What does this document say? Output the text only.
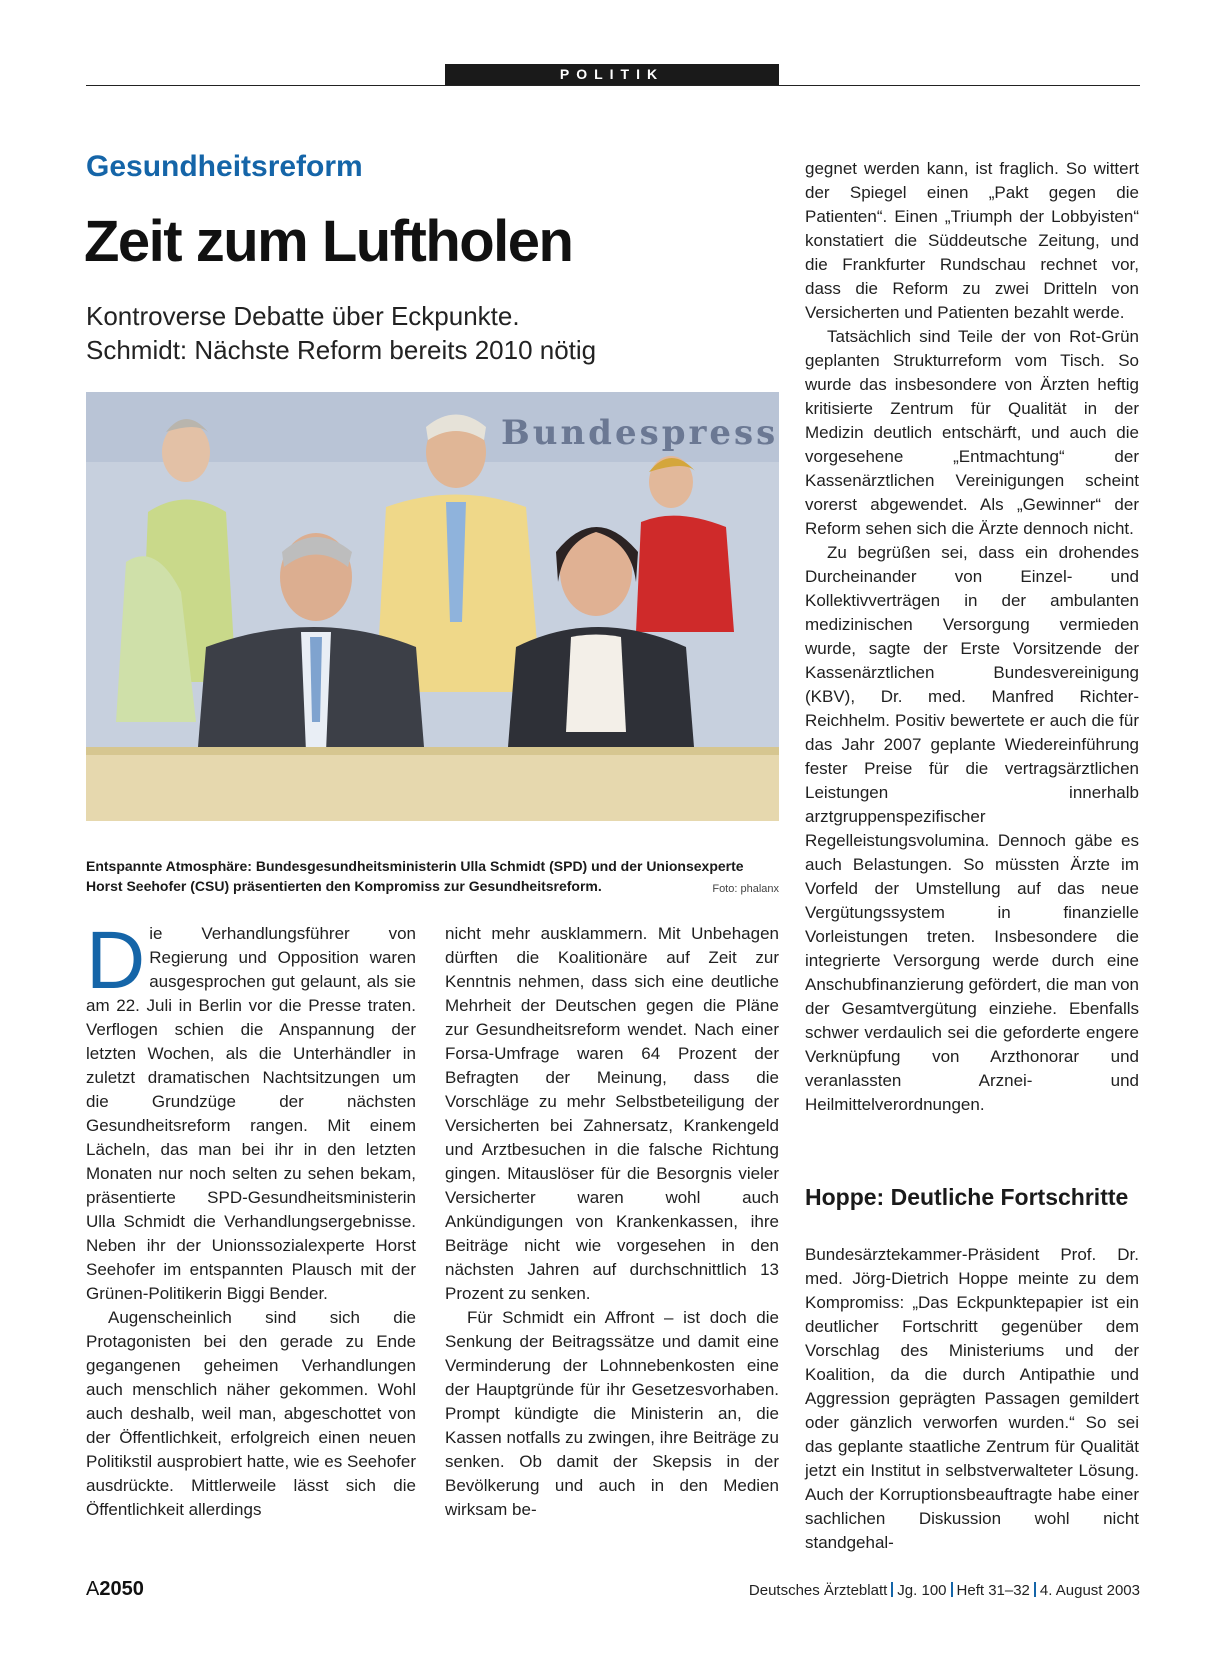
POLITIK
Gesundheitsreform
Zeit zum Luftholen
Kontroverse Debatte über Eckpunkte.
Schmidt: Nächste Reform bereits 2010 nötig
Bundespress
Entspannte Atmosphäre: Bundesgesundheitsministerin Ulla Schmidt (SPD) und der Unionsexperte Horst Seehofer (CSU) präsentierten den Kompromiss zur Gesundheitsreform.	Foto: phalanx

Die Verhandlungsführer von Regierung und Opposition waren ausgesprochen gut gelaunt, als sie am 22. Juli in Berlin vor die Presse traten. Verflogen schien die Anspannung der letzten Wochen, als die Unterhändler in zuletzt dramatischen Nachtsitzungen um die Grundzüge der nächsten Gesundheitsreform rangen. Mit einem Lächeln, das man bei ihr in den letzten Monaten nur noch selten zu sehen bekam, präsentierte SPD-Gesundheitsministerin Ulla Schmidt die Verhandlungsergebnisse. Neben ihr der Unionssozialexperte Horst Seehofer im entspannten Plausch mit der Grünen-Politikerin Biggi Bender.

Augenscheinlich sind sich die Protagonisten bei den gerade zu Ende gegangenen geheimen Verhandlungen auch menschlich näher gekommen. Wohl auch deshalb, weil man, abgeschottet von der Öffentlichkeit, erfolgreich einen neuen Politikstil ausprobiert hatte, wie es Seehofer ausdrückte. Mittlerweile lässt sich die Öffentlichkeit allerdings

nicht mehr ausklammern. Mit Unbehagen dürften die Koalitionäre auf Zeit zur Kenntnis nehmen, dass sich eine deutliche Mehrheit der Deutschen gegen die Pläne zur Gesundheitsreform wendet. Nach einer Forsa-Umfrage waren 64 Prozent der Befragten der Meinung, dass die Vorschläge zu mehr Selbstbeteiligung der Versicherten bei Zahnersatz, Krankengeld und Arztbesuchen in die falsche Richtung gingen. Mitauslöser für die Besorgnis vieler Versicherter waren wohl auch Ankündigungen von Krankenkassen, ihre Beiträge nicht wie vorgesehen in den nächsten Jahren auf durchschnittlich 13 Prozent zu senken.

Für Schmidt ein Affront – ist doch die Senkung der Beitragssätze und damit eine Verminderung der Lohnnebenkosten eine der Hauptgründe für ihr Gesetzesvorhaben. Prompt kündigte die Ministerin an, die Kassen notfalls zu zwingen, ihre Beiträge zu senken. Ob damit der Skepsis in der Bevölkerung und auch in den Medien wirksam be-

gegnet werden kann, ist fraglich. So wittert der Spiegel einen „Pakt gegen die Patienten“. Einen „Triumph der Lobbyisten“ konstatiert die Süddeutsche Zeitung, und die Frankfurter Rundschau rechnet vor, dass die Reform zu zwei Dritteln von Versicherten und Patienten bezahlt werde.

Tatsächlich sind Teile der von Rot-Grün geplanten Strukturreform vom Tisch. So wurde das insbesondere von Ärzten heftig kritisierte Zentrum für Qualität in der Medizin deutlich entschärft, und auch die vorgesehene „Entmachtung“ der Kassenärztlichen Vereinigungen scheint vorerst abgewendet. Als „Gewinner“ der Reform sehen sich die Ärzte dennoch nicht.

Zu begrüßen sei, dass ein drohendes Durcheinander von Einzel- und Kollektivverträgen in der ambulanten medizinischen Versorgung vermieden wurde, sagte der Erste Vorsitzende der Kassenärztlichen Bundesvereinigung (KBV), Dr. med. Manfred Richter-Reichhelm. Positiv bewertete er auch die für das Jahr 2007 geplante Wiedereinführung fester Preise für die vertragsärztlichen Leistungen innerhalb arztgruppenspezifischer Regelleistungsvolumina. Dennoch gäbe es auch Belastungen. So müssten Ärzte im Vorfeld der Umstellung auf das neue Vergütungssystem in finanzielle Vorleistungen treten. Insbesondere die integrierte Versorgung werde durch eine Anschubfinanzierung gefördert, die man von der Gesamtvergütung einziehe. Ebenfalls schwer verdaulich sei die geforderte engere Verknüpfung von Arzthonorar und veranlassten Arznei- und Heilmittelverordnungen.

Hoppe: Deutliche Fortschritte

Bundesärztekammer-Präsident Prof. Dr. med. Jörg-Dietrich Hoppe meinte zu dem Kompromiss: „Das Eckpunktepapier ist ein deutlicher Fortschritt gegenüber dem Vorschlag des Ministeriums und der Koalition, da die durch Antipathie und Aggression geprägten Passagen gemildert oder gänzlich verworfen wurden.“ So sei das geplante staatliche Zentrum für Qualität jetzt ein Institut in selbstverwalteter Lösung. Auch der Korruptionsbeauftragte habe einer sachlichen Diskussion wohl nicht standgehal-

A2050	Deutsches Ärzteblatt Jg. 100 Heft 31–32 4. August 2003
